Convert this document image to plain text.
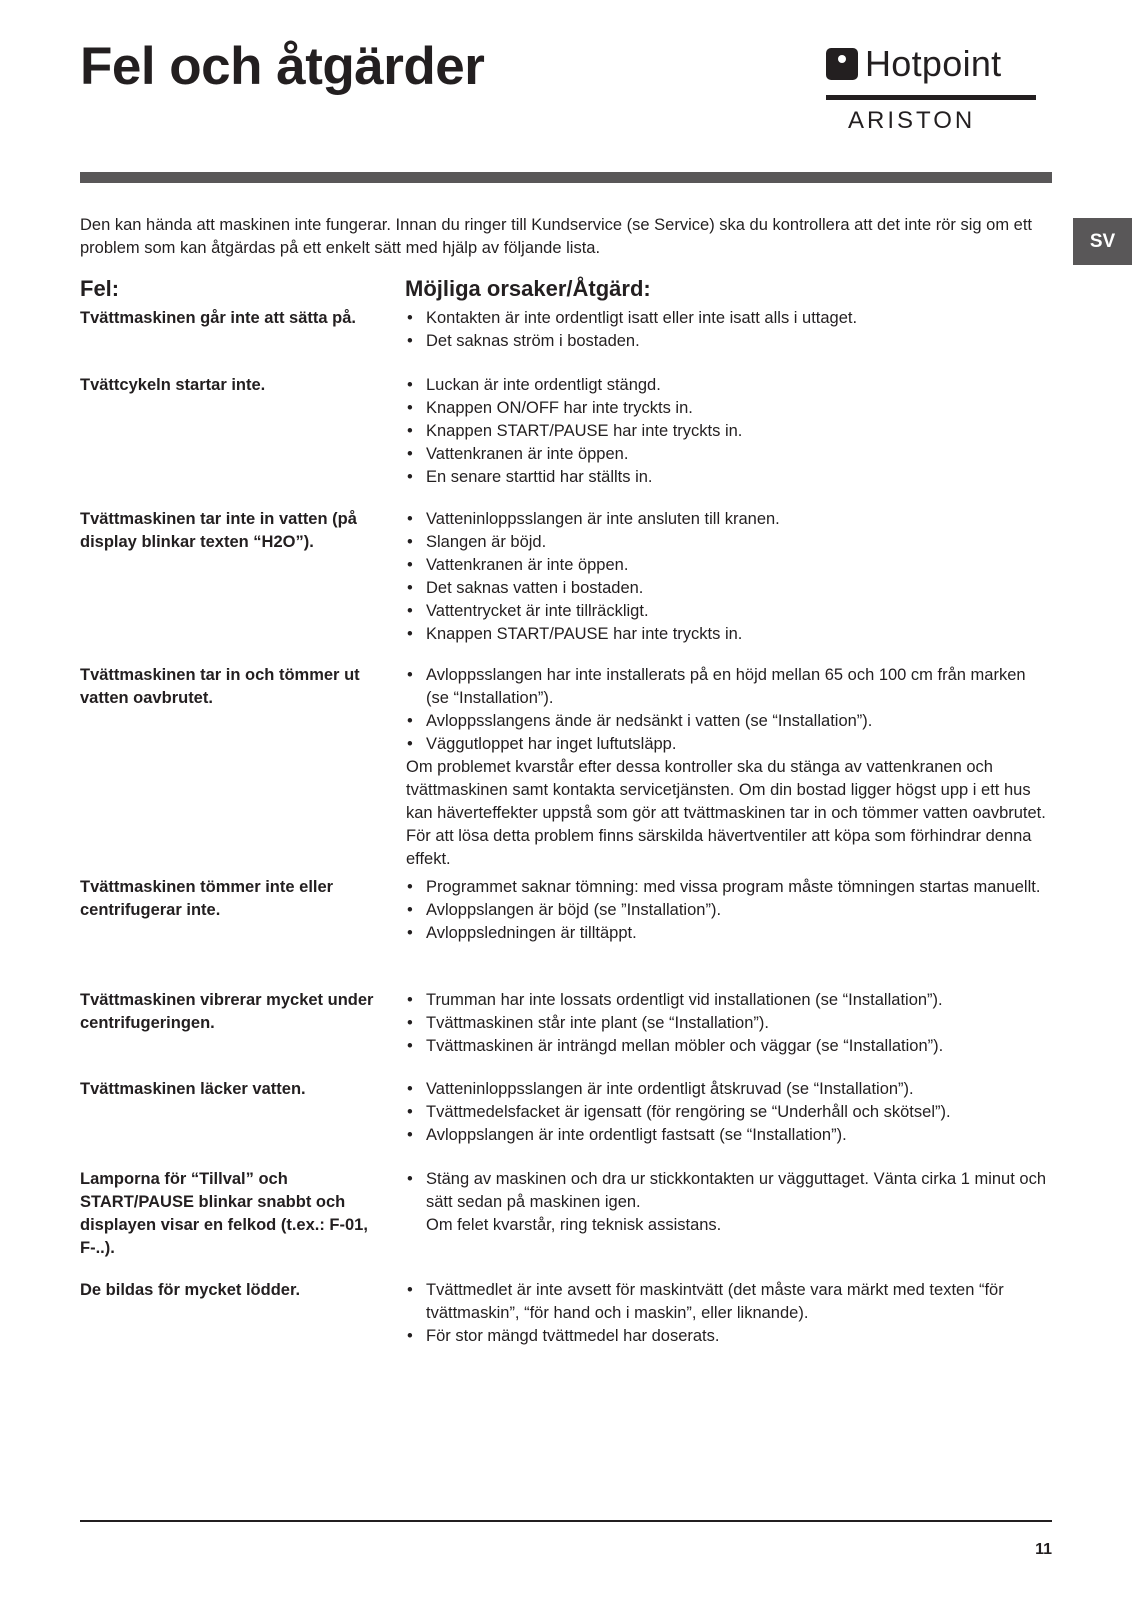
Fel och åtgärder	Hotpoint
ARISTON
SV

Den kan hända att maskinen inte fungerar. Innan du ringer till Kundservice (se Service) ska du kontrollera att det inte rör sig om ett problem som kan åtgärdas på ett enkelt sätt med hjälp av följande lista.

Fel:	Möjliga orsaker/Åtgärd:

Tvättmaskinen går inte att sätta på.	• Kontakten är inte ordentligt isatt eller inte isatt alls i uttaget.
• Det saknas ström i bostaden.

Tvättcykeln startar inte.	• Luckan är inte ordentligt stängd.
• Knappen ON/OFF har inte tryckts in.
• Knappen START/PAUSE har inte tryckts in.
• Vattenkranen är inte öppen.
• En senare starttid har ställts in.

Tvättmaskinen tar inte in vatten (på display blinkar texten “H2O”).

• Vatteninloppsslangen är inte ansluten till kranen.
• Slangen är böjd.
• Vattenkranen är inte öppen.
• Det saknas vatten i bostaden.
• Vattentrycket är inte tillräckligt.
• Knappen START/PAUSE har inte tryckts in.

Tvättmaskinen tar in och tömmer ut vatten oavbrutet.

• Avloppsslangen har inte installerats på en höjd mellan 65 och 100 cm från marken (se “Installation”).
• Avloppsslangens ände är nedsänkt i vatten (se “Installation”).
• Väggutloppet har inget luftutsläpp.

Om problemet kvarstår efter dessa kontroller ska du stänga av vattenkranen och tvättmaskinen samt kontakta servicetjänsten. Om din bostad ligger högst upp i ett hus kan häverteffekter uppstå som gör att tvättmaskinen tar in och tömmer vatten oavbrutet. För att lösa detta problem finns särskilda hävertventiler att köpa som förhindrar denna effekt.

Tvättmaskinen tömmer inte eller centrifugerar inte.

• Programmet saknar tömning: med vissa program måste tömningen startas manuellt.
• Avloppslangen är böjd (se ”Installation”).
• Avloppsledningen är tilltäppt.

Tvättmaskinen vibrerar mycket under centrifugeringen.

• Trumman har inte lossats ordentligt vid installationen (se “Installation”).
• Tvättmaskinen står inte plant (se “Installation”).
• Tvättmaskinen är inträngd mellan möbler och väggar (se “Installation”).

Tvättmaskinen läcker vatten.	• Vatteninloppsslangen är inte ordentligt åtskruvad (se “Installation”).
• Tvättmedelsfacket är igensatt (för rengöring se “Underhåll och skötsel”).
• Avloppslangen är inte ordentligt fastsatt (se “Installation”).

Lamporna för “Tillval” och START/PAUSE blinkar snabbt och displayen visar en felkod (t.ex.: F-01, F-..).

• Stäng av maskinen och dra ur stickkontakten ur vägguttaget. Vänta cirka 1 minut och sätt sedan på maskinen igen.

Om felet kvarstår, ring teknisk assistans.

De bildas för mycket lödder.	• Tvättmedlet är inte avsett för maskintvätt (det måste vara märkt med texten “för tvättmaskin”, “för hand och i maskin”, eller liknande).
• För stor mängd tvättmedel har doserats.
11
